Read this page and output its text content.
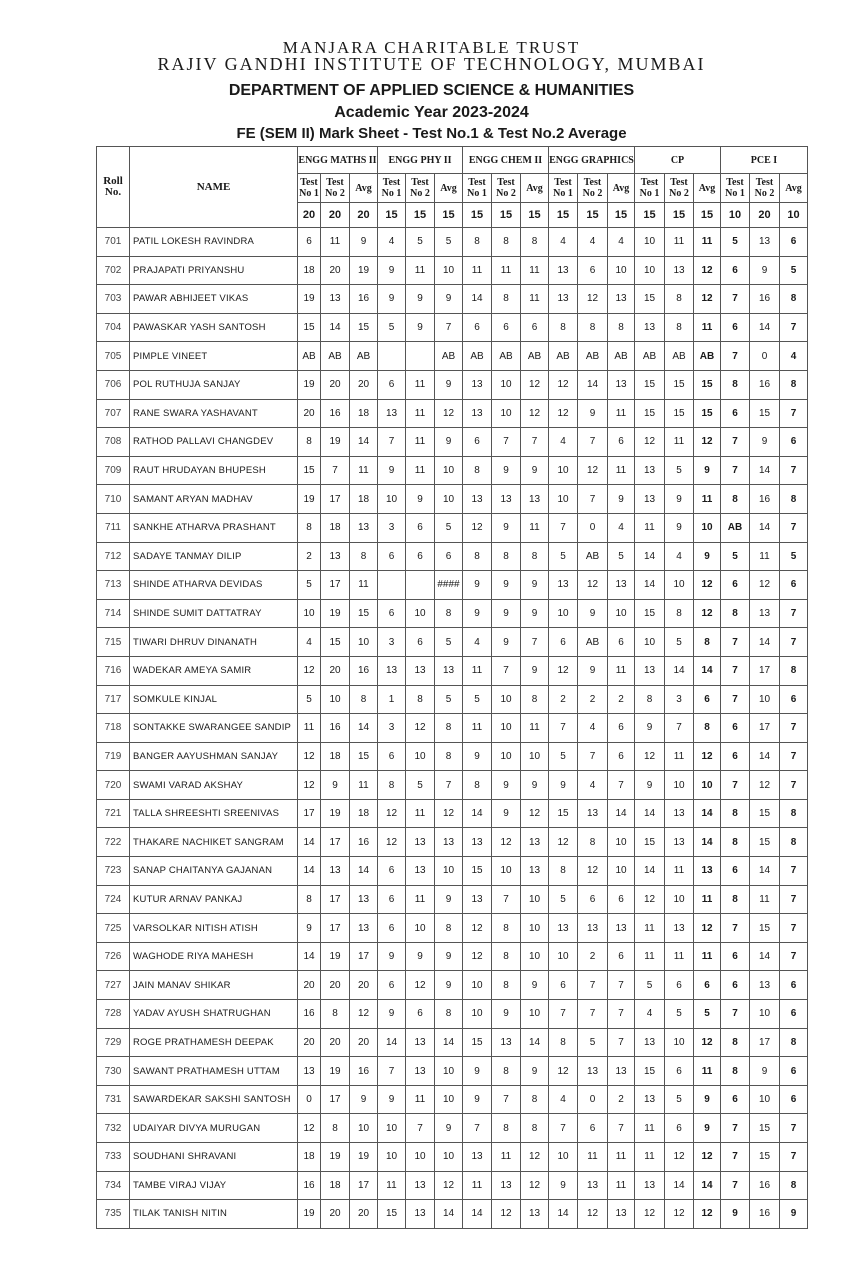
MANJARA CHARITABLE TRUST
RAJIV GANDHI INSTITUTE OF TECHNOLOGY, MUMBAI
DEPARTMENT OF APPLIED SCIENCE & HUMANITIES
Academic Year 2023-2024
FE (SEM II) Mark Sheet - Test No.1 & Test No.2 Average
Roll No.	NAME	ENGG MATHS II			ENGG PHY II			ENGG CHEM II			ENGG GRAPHICS			CP			PCE I		
		Test No 1	Test No 2	Avg	Test No 1	Test No 2	Avg	Test No 1	Test No 2	Avg	Test No 1	Test No 2	Avg	Test No 1	Test No 2	Avg	Test No 1	Test No 2	Avg
		20	20	20	15	15	15	15	15	15	15	15	15	15	15	15	10	20	10
701	PATIL LOKESH RAVINDRA	6	11	9	4	5	5	8	8	8	4	4	4	10	11	11	5	13	6
702	PRAJAPATI PRIYANSHU	18	20	19	9	11	10	11	11	11	13	6	10	10	13	12	6	9	5
703	PAWAR ABHIJEET VIKAS	19	13	16	9	9	9	14	8	11	13	12	13	15	8	12	7	16	8
704	PAWASKAR YASH SANTOSH	15	14	15	5	9	7	6	6	6	8	8	8	13	8	11	6	14	7
705	PIMPLE VINEET	AB	AB	AB			AB	AB	AB	AB	AB	AB	AB	AB	AB	AB	7	0	4
706	POL RUTHUJA SANJAY	19	20	20	6	11	9	13	10	12	12	14	13	15	15	15	8	16	8
707	RANE SWARA YASHAVANT	20	16	18	13	11	12	13	10	12	12	9	11	15	15	15	6	15	7
708	RATHOD PALLAVI CHANGDEV	8	19	14	7	11	9	6	7	7	4	7	6	12	11	12	7	9	6
709	RAUT HRUDAYAN BHUPESH	15	7	11	9	11	10	8	9	9	10	12	11	13	5	9	7	14	7
710	SAMANT ARYAN MADHAV	19	17	18	10	9	10	13	13	13	10	7	9	13	9	11	8	16	8
711	SANKHE ATHARVA PRASHANT	8	18	13	3	6	5	12	9	11	7	0	4	11	9	10	AB	14	7
712	SADAYE TANMAY DILIP	2	13	8	6	6	6	8	8	8	5	AB	5	14	4	9	5	11	5
713	SHINDE ATHARVA DEVIDAS	5	17	11			####	9	9	9	13	12	13	14	10	12	6	12	6
714	SHINDE SUMIT DATTATRAY	10	19	15	6	10	8	9	9	9	10	9	10	15	8	12	8	13	7
715	TIWARI DHRUV DINANATH	4	15	10	3	6	5	4	9	7	6	AB	6	10	5	8	7	14	7
716	WADEKAR AMEYA SAMIR	12	20	16	13	13	13	11	7	9	12	9	11	13	14	14	7	17	8
717	SOMKULE KINJAL	5	10	8	1	8	5	5	10	8	2	2	2	8	3	6	7	10	6
718	SONTAKKE SWARANGEE SANDIP	11	16	14	3	12	8	11	10	11	7	4	6	9	7	8	6	17	7
719	BANGER AAYUSHMAN SANJAY	12	18	15	6	10	8	9	10	10	5	7	6	12	11	12	6	14	7
720	SWAMI VARAD AKSHAY	12	9	11	8	5	7	8	9	9	9	4	7	9	10	10	7	12	7
721	TALLA SHREESHTI SREENIVAS	17	19	18	12	11	12	14	9	12	15	13	14	14	13	14	8	15	8
722	THAKARE NACHIKET SANGRAM	14	17	16	12	13	13	13	12	13	12	8	10	15	13	14	8	15	8
723	SANAP CHAITANYA GAJANAN	14	13	14	6	13	10	15	10	13	8	12	10	14	11	13	6	14	7
724	KUTUR ARNAV PANKAJ	8	17	13	6	11	9	13	7	10	5	6	6	12	10	11	8	11	7
725	VARSOLKAR NITISH ATISH	9	17	13	6	10	8	12	8	10	13	13	13	11	13	12	7	15	7
726	WAGHODE RIYA MAHESH	14	19	17	9	9	9	12	8	10	10	2	6	11	11	11	6	14	7
727	JAIN MANAV SHIKAR	20	20	20	6	12	9	10	8	9	6	7	7	5	6	6	6	13	6
728	YADAV AYUSH SHATRUGHAN	16	8	12	9	6	8	10	9	10	7	7	7	4	5	5	7	10	6
729	ROGE PRATHAMESH DEEPAK	20	20	20	14	13	14	15	13	14	8	5	7	13	10	12	8	17	8
730	SAWANT PRATHAMESH UTTAM	13	19	16	7	13	10	9	8	9	12	13	13	15	6	11	8	9	6
731	SAWARDEKAR SAKSHI SANTOSH	0	17	9	9	11	10	9	7	8	4	0	2	13	5	9	6	10	6
732	UDAIYAR DIVYA MURUGAN	12	8	10	10	7	9	7	8	8	7	6	7	11	6	9	7	15	7
733	SOUDHANI SHRAVANI	18	19	19	10	10	10	13	11	12	10	11	11	11	12	12	7	15	7
734	TAMBE VIRAJ VIJAY	16	18	17	11	13	12	11	13	12	9	13	11	13	14	14	7	16	8
735	TILAK TANISH NITIN	19	20	20	15	13	14	14	12	13	14	12	13	12	12	12	9	16	9
